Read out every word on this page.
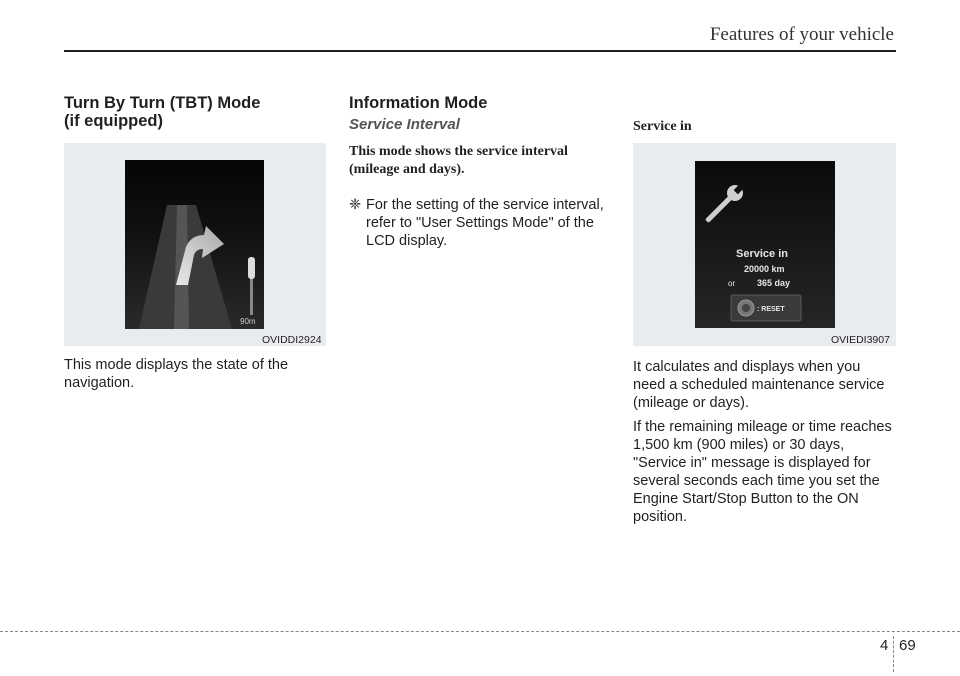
Features of your vehicle

Turn By Turn (TBT) Mode
(if equipped)

90m
OVIDDI2924

This mode displays the state of the navigation.

Information Mode

Service Interval

This mode shows the service interval (mileage and days).

❈ For the setting of the service interval, refer to "User Settings Mode" of the LCD display.

Service in

Service in
20000 km
or 365 day
: RESET
OVIEDI3907

It calculates and displays when you need a scheduled maintenance service (mileage or days).

If the remaining mileage or time reaches 1,500 km (900 miles) or 30 days, "Service in" message is displayed for several seconds each time you set the Engine Start/Stop Button to the ON position.

4 69
